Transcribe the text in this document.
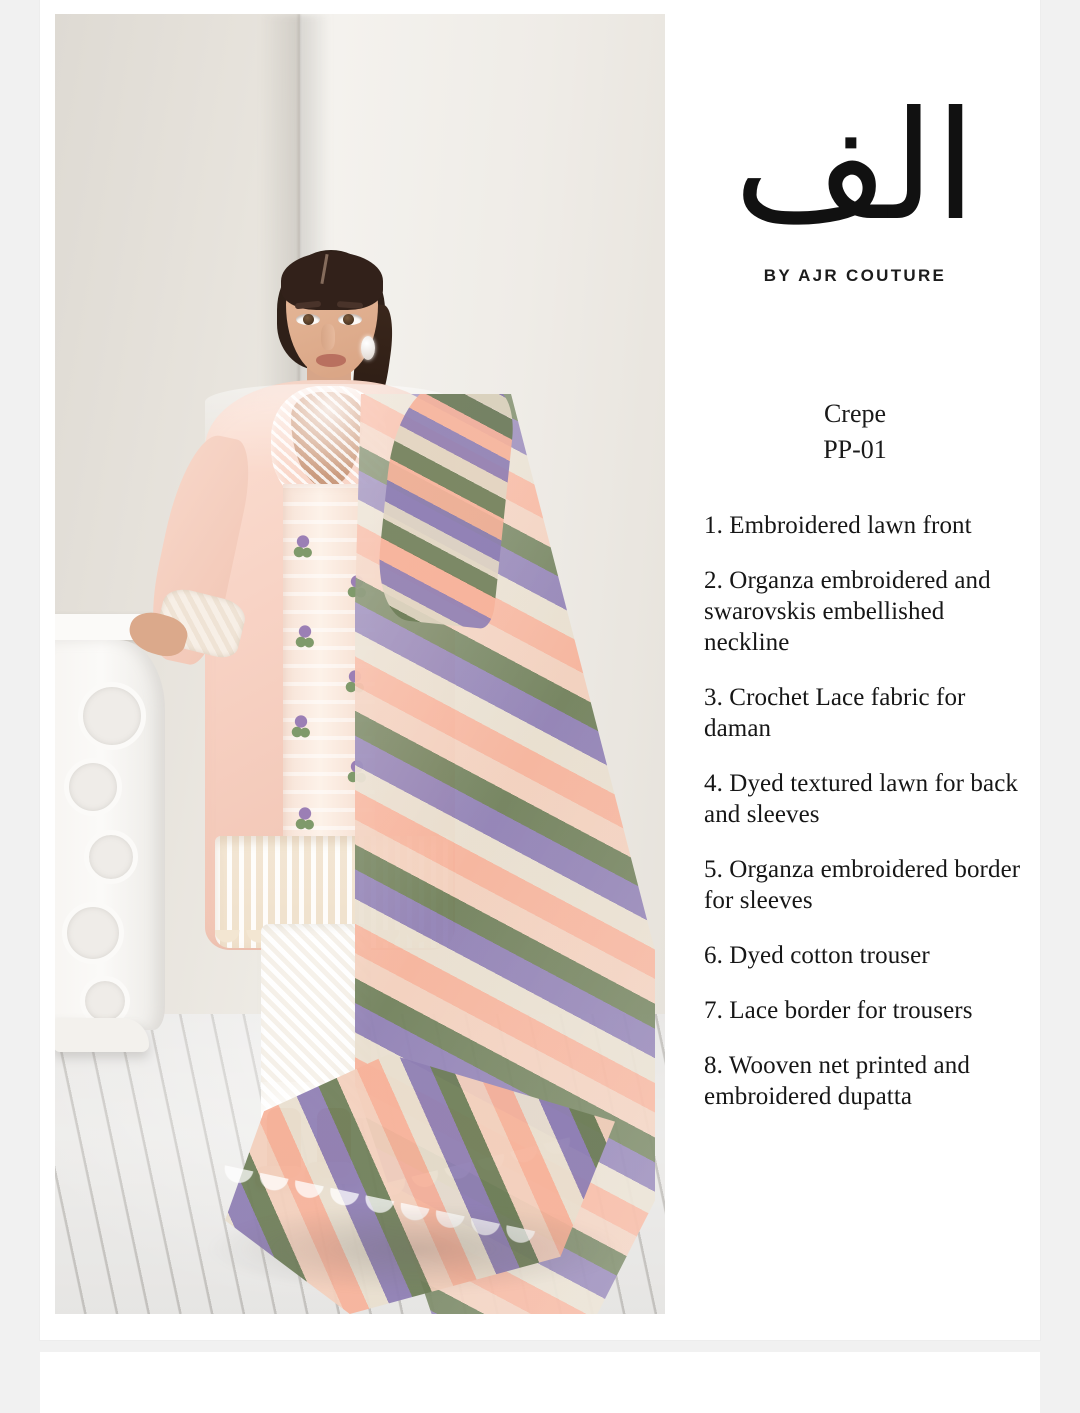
الف
BY AJR COUTURE
Crepe
PP-01
1. Embroidered lawn front
2. Organza embroidered and swarovskis embellished neckline
3. Crochet Lace fabric for daman
4. Dyed textured lawn for back and sleeves
5. Organza embroidered border for sleeves
6. Dyed cotton trouser
7. Lace border for trousers
8. Wooven net printed and embroidered dupatta
